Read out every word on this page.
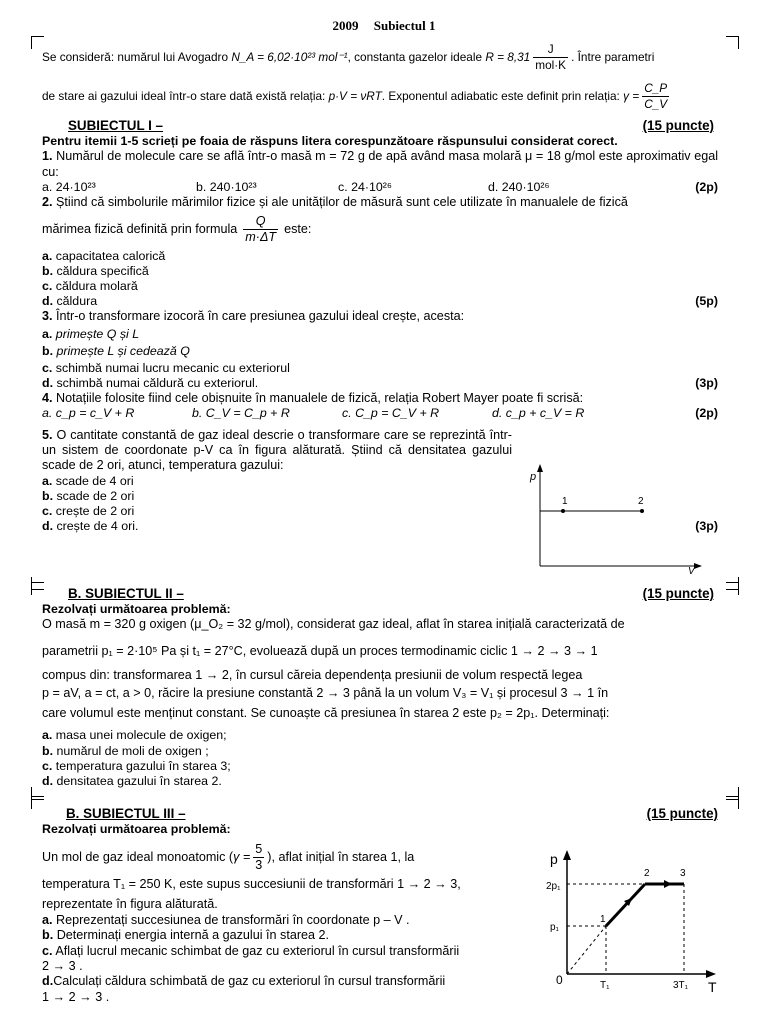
2009 Subiectul 1
Se consideră: numărul lui Avogadro
N_A = 6,02·10²³ mol⁻¹ , constanta gazelor ideale
R = 8,31
J
mol·K
. Între parametri
de stare ai gazului ideal într-o stare dată există relația:
p·V = νRT . Exponentul adiabatic este definit prin relația:
$\gamma = \frac{C\_P}{C\_V}$
SUBIECTUL I –	(15 puncte)
Pentru itemii 1-5 scrieți pe foaia de răspuns litera corespunzătoare răspunsului considerat corect.
1. Numărul de molecule care se află într-o masă m = 72 g de apă având masa molară μ = 18 g/mol este aproximativ egal cu:
a. 24·10²³	b. 240·10²³	c. 24·10²⁶	d. 240·10²⁶	(2p)
2. Știind că simbolurile mărimilor fizice și ale unităților de măsură sunt cele utilizate în manualele de fizică
mărimea fizică definită prin formula $\frac{Q}{m\cdot\Delta T}$ este:
a. capacitatea calorică
b. căldura specifică
c. căldura molară
d. căldura	(5p)
3. Într-o transformare izocoră în care presiunea gazului ideal crește, acesta:
a. primește Q și L
b. primește L și cedează Q
c. schimbă numai lucru mecanic cu exteriorul
d. schimbă numai căldură cu exteriorul.	(3p)
4. Notațiile folosite fiind cele obișnuite în manualele de fizică, relația Robert Mayer poate fi scrisă:
a. c_p = c_V + R	b. C_V = C_p + R	c. C_p = C_V + R	d. c_p + c_V = R	(2p)
5. O cantitate constantă de gaz ideal descrie o transformare care se reprezintă într-un sistem de coordonate p-V ca în figura alăturată. Știind că densitatea gazului scade de 2 ori, atunci, temperatura gazului:
a. scade de 4 ori
b. scade de 2 ori
c. crește de 2 ori
d. crește de 4 ori.	(3p)
p
V
1	2
B. SUBIECTUL II –	(15 puncte)
Rezolvați următoarea problemă:
O masă m = 320 g oxigen (μ_O₂ = 32 g/mol), considerat gaz ideal, aflat în starea inițială caracterizată de
parametrii p₁ = 2·10⁵ Pa și t₁ = 27°C, evoluează după un proces termodinamic ciclic 1 → 2 → 3 → 1
compus din: transformarea 1 → 2, în cursul căreia dependența presiunii de volum respectă legea
p = aV, a = ct, a > 0, răcire la presiune constantă 2 → 3 până la un volum V₃ = V₁ și procesul 3 → 1 în
care volumul este menținut constant. Se cunoaște că presiunea în starea 2 este p₂ = 2p₁. Determinați:
a. masa unei molecule de oxigen;
b. numărul de moli de oxigen ;
c. temperatura gazului în starea 3;
d. densitatea gazului în starea 2.
B. SUBIECTUL III –	(15 puncte)
Rezolvați următoarea problemă:
Un mol de gaz ideal monoatomic ( $\gamma = \frac{5}{3}$ ), aflat inițial în starea 1, la
temperatura T₁ = 250 K, este supus succesiunii de transformări 1 → 2 → 3,
reprezentate în figura alăturată.
a. Reprezentați succesiunea de transformări în coordonate p – V .
b. Determinați energia internă a gazului în starea 2.
c. Aflați lucrul mecanic schimbat de gaz cu exteriorul în cursul transformării
2 → 3 .
d.Calculați căldura schimbată de gaz cu exteriorul în cursul transformării
1 → 2 → 3 .
p
T
0
p₁
2p₁
T₁	3T₁
1
2	3
